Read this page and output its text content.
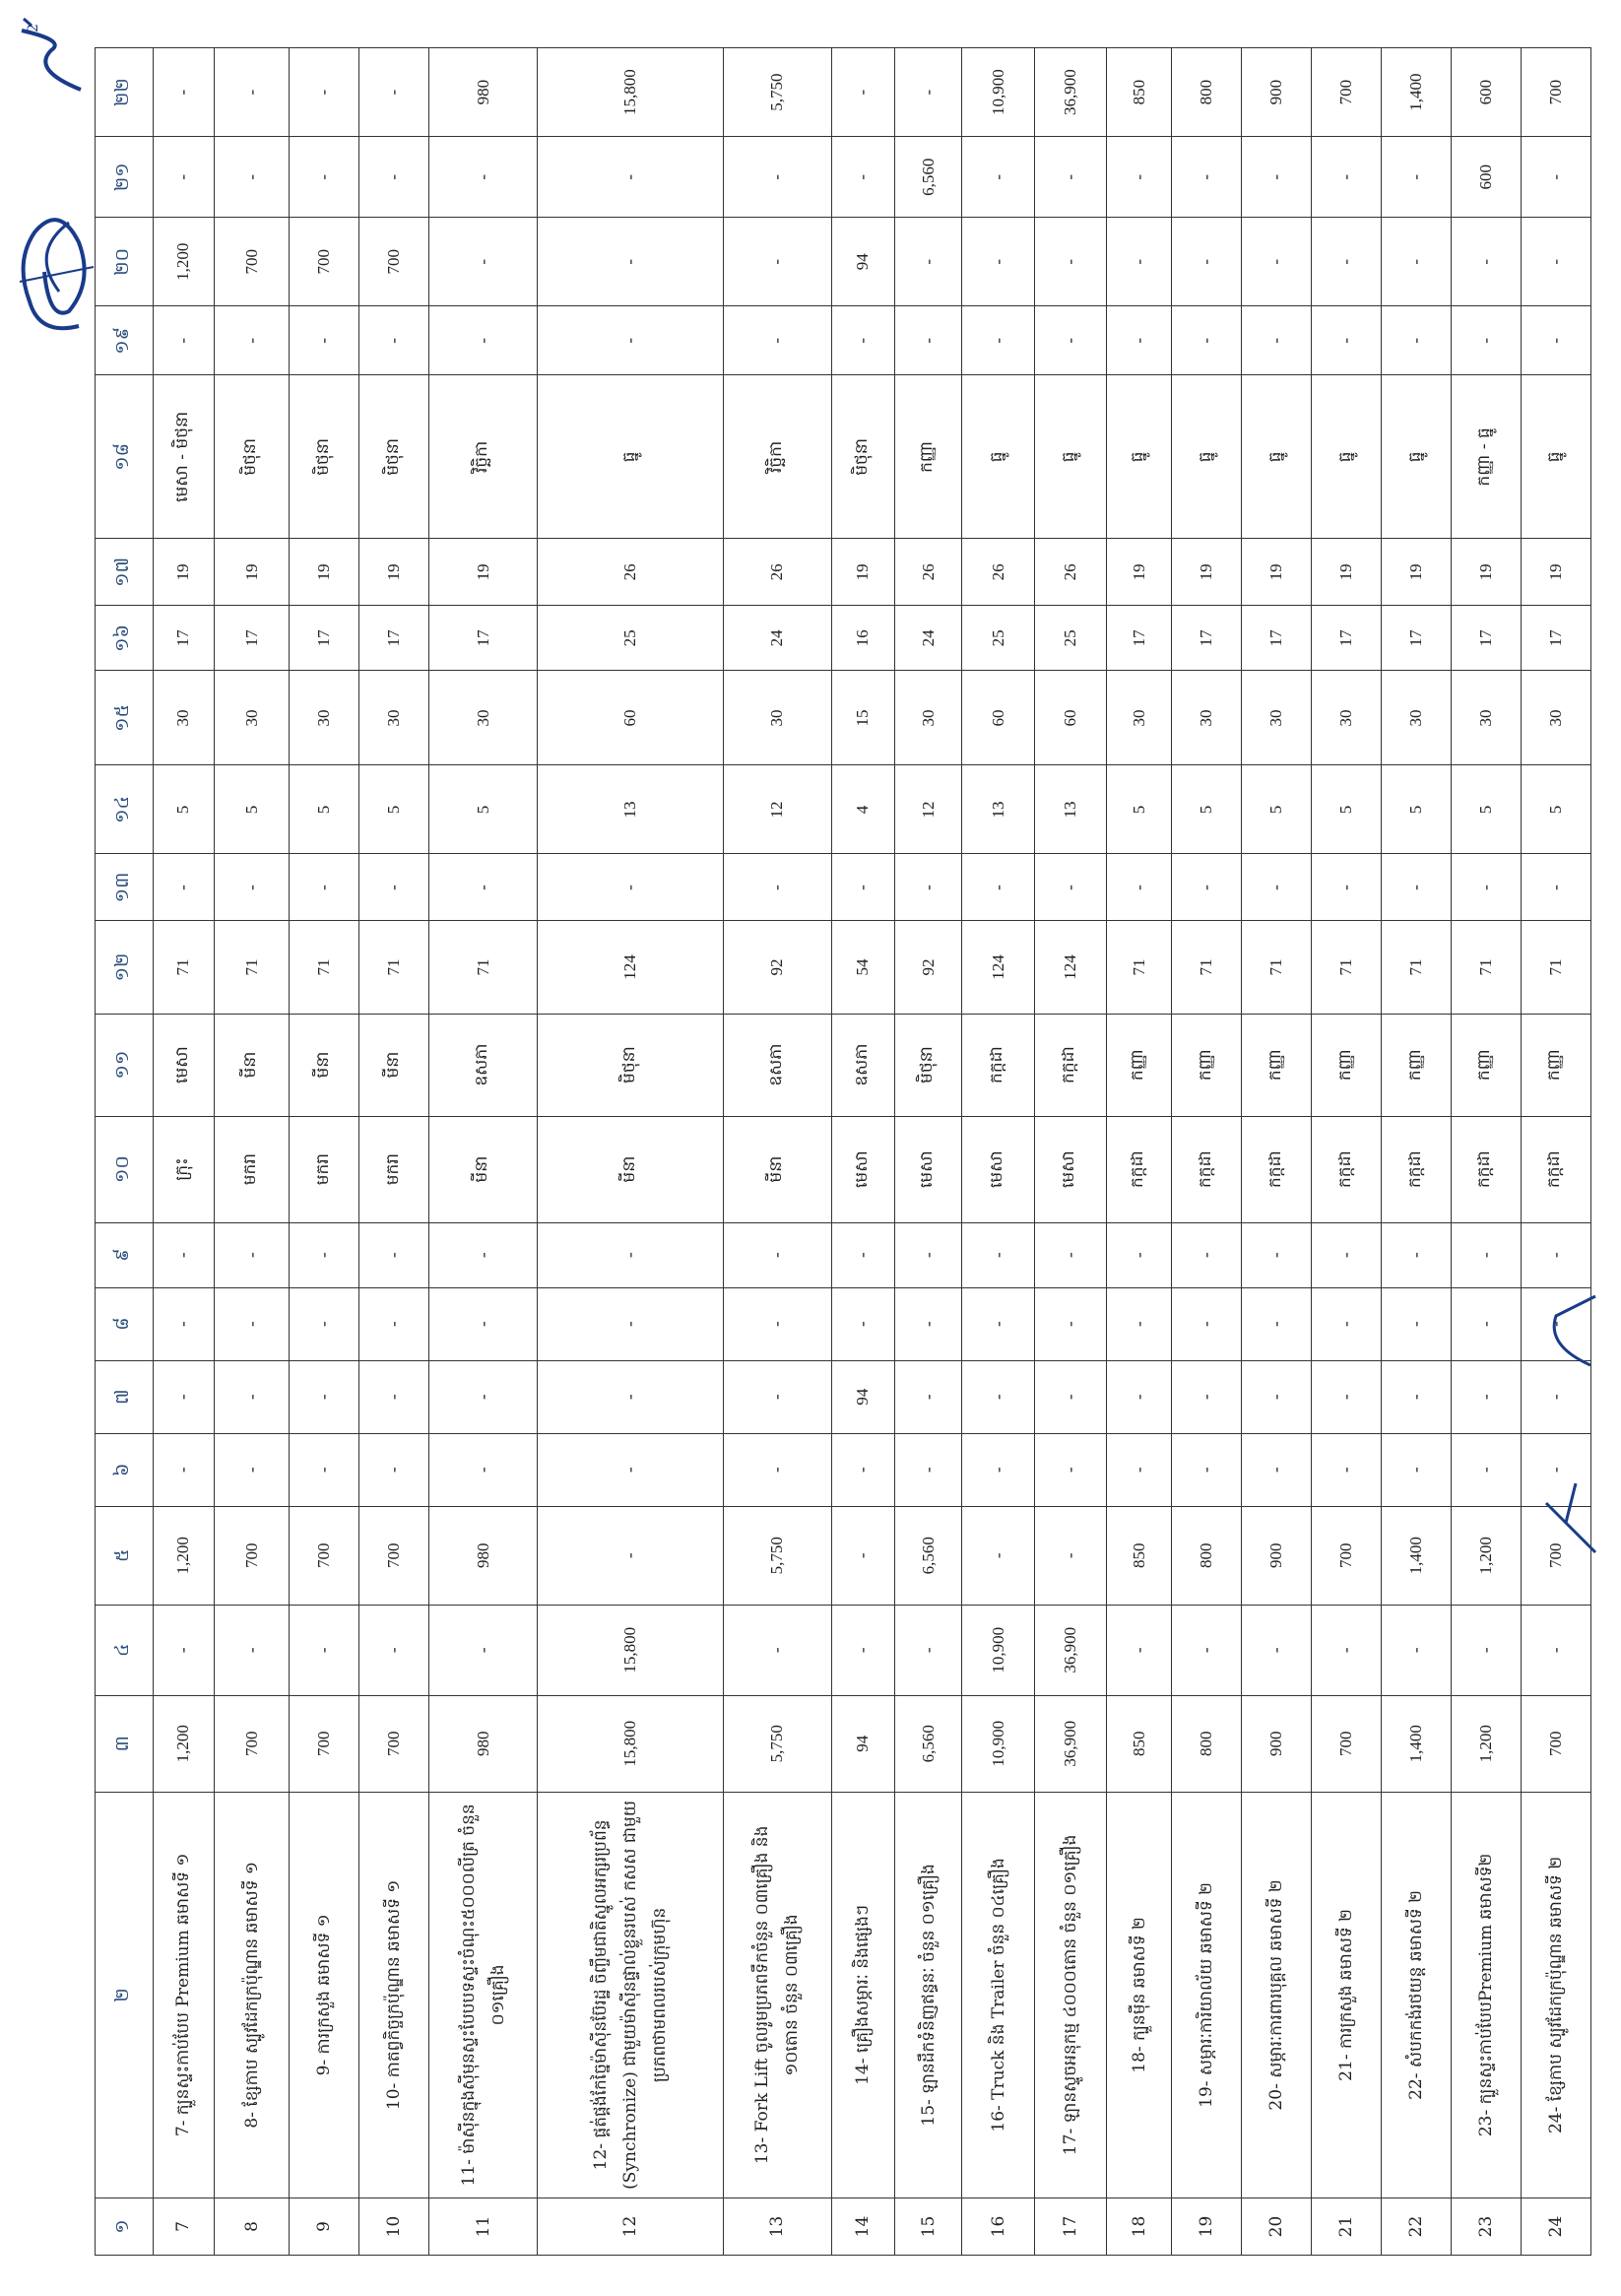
១	២	៣	៤	៥	៦	៧	៨	៩	១០	១១	១២	១៣	១៤	១៥	១៦	១៧	១៨	១៩	២០	២១	២២
7	7- ក្បួនស្ទះកាប់បែប Premium ឆមាសទី ១	1,200	-	1,200	-	-	-	-	ក្រុះ	មេសា	71	-	5	30	17	19	មេសា - មិថុនា	-	1,200	-	-
8	8- ខ្សែកាប ស្បូវដែកក្រប៉ុណ្ឌាន ឆមាសទី ១	700	-	700	-	-	-	-	មករា	មីនា	71	-	5	30	17	19	មិថុនា	-	700	-	-
9	9- ការក្រសួង ឆមាសទី ១	700	-	700	-	-	-	-	មករា	មីនា	71	-	5	30	17	19	មិថុនា	-	700	-	-
10	10- កាតព្វកិច្ចក្រប៉ុណ្ឌាន ឆមាសទី ១	700	-	700	-	-	-	-	មករា	មីនា	71	-	5	30	17	19	មិថុនា	-	700	-	-
11	11- ម៉ាស៊ីនក្នុងស៊ីមុនស្ទះបែបបទស្ទះចំណុះ៥០០០លីត្រ ចំនួន ០១គ្រឿង	980	-	980	-	-	-	-	មីនា	ឧសភា	71	-	5	30	17	19	វិច្ឆិកា	-	-	-	980
12	12- ផ្គត់ផ្គង់កែច្នៃម៉ាស៊ីនប៊ែរដ្ឋ ចិញ្ចឹមជាតិស្នូលអក្សរប្រព័ន្ធ (Synchronize) ជាមួយម៉ាស៊ីនផ្ទាល់ខ្លួនរបស់ កសស ជាមួយប្រភពថាមពលរបស់ក្រុមហ៊ុន	15,800	15,800	-	-	-	-	-	មីនា	មិថុនា	124	-	13	60	25	26	ធ្នូ	-	-	-	15,800
13	13- Fork Lift ចូលរូមប្រភពទឹកចំនួន ០៣គ្រឿង និង ១០តោន ចំនួន ០៣គ្រឿង	5,750	-	5,750	-	-	-	-	មីនា	ឧសភា	92	-	12	30	24	26	វិច្ឆិកា	-	-	-	5,750
14	14- គ្រឿងសម្ភារៈ និងផ្សេងៗ	94	-	-	-	94	-	-	មេសា	ឧសភា	54	-	4	15	16	19	មិថុនា	-	94	-	-
15	15- ឡានដឹកទំនិញឥន្ធនៈ ចំនួន ០១គ្រឿង	6,560	-	6,560	-	-	-	-	មេសា	មិថុនា	92	-	12	30	24	26	កញ្ញា	-	-	6,560	-
16	16- Truck និង Trailer ចំនួន ០៤គ្រឿង	10,900	10,900	-	-	-	-	-	មេសា	កក្កដា	124	-	13	60	25	26	ធ្នូ	-	-	-	10,900
17	17- ឡានស្ទូចអនុកម្ម ៤០០០តោន ចំនួន ០១គ្រឿង	36,900	36,900	-	-	-	-	-	មេសា	កក្កដា	124	-	13	60	25	26	ធ្នូ	-	-	-	36,900
18	18- ក្បួនម៉ឺន ឆមាសទី ២	850	-	850	-	-	-	-	កក្កដា	កញ្ញា	71	-	5	30	17	19	ធ្នូ	-	-	-	850
19	19- សម្ភារៈការិយាល័យ ឆមាសទី ២	800	-	800	-	-	-	-	កក្កដា	កញ្ញា	71	-	5	30	17	19	ធ្នូ	-	-	-	800
20	20- សម្ភារៈការពារបុគ្គល ឆមាសទី ២	900	-	900	-	-	-	-	កក្កដា	កញ្ញា	71	-	5	30	17	19	ធ្នូ	-	-	-	900
21	21- ការក្រសួង ឆមាសទី ២	700	-	700	-	-	-	-	កក្កដា	កញ្ញា	71	-	5	30	17	19	ធ្នូ	-	-	-	700
22	22- សំបកកង់រថយន្ត ឆមាសទី ២	1,400	-	1,400	-	-	-	-	កក្កដា	កញ្ញា	71	-	5	30	17	19	ធ្នូ	-	-	-	1,400
23	23- ក្បួនស្ទះកាប់បែបPremium ឆមាសទី២	1,200	-	1,200	-	-	-	-	កក្កដា	កញ្ញា	71	-	5	30	17	19	កញ្ញា - ធ្នូ	-	-	600	600
24	24- ខ្សែកាប ស្បូវដែកក្រប៉ុណ្ឌាន ឆមាសទី ២	700	-	700	-	-	-	-	កក្កដា	កញ្ញា	71	-	5	30	17	19	ធ្នូ	-	-	-	700
2
